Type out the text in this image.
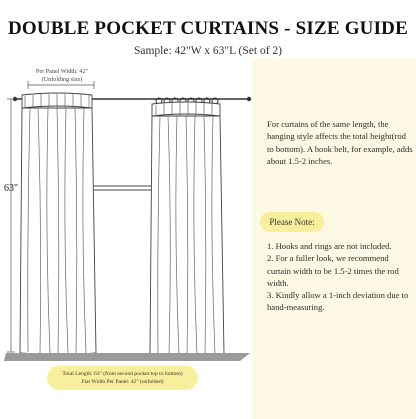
DOUBLE POCKET CURTAINS - SIZE GUIDE
Sample: 42"W x 63"L (Set of 2)
For curtains of the same length, the hanging style affects the total height(rod to bottom). A hook belt, for example, adds about 1.5-2 inches.
Please Note:
1. Hooks and rings are not included.
2. For a fuller look, we recommend curtain width to be 1.5-2 times the rod width.
3. Kindly allow a 1-inch deviation due to hand-measuring.
Per Panel Width: 42"
(Unfolding size)
63"
Total Length: 63" (from second pocket top to bottom)
Flat Width Per Panel: 42" (unfolded)
